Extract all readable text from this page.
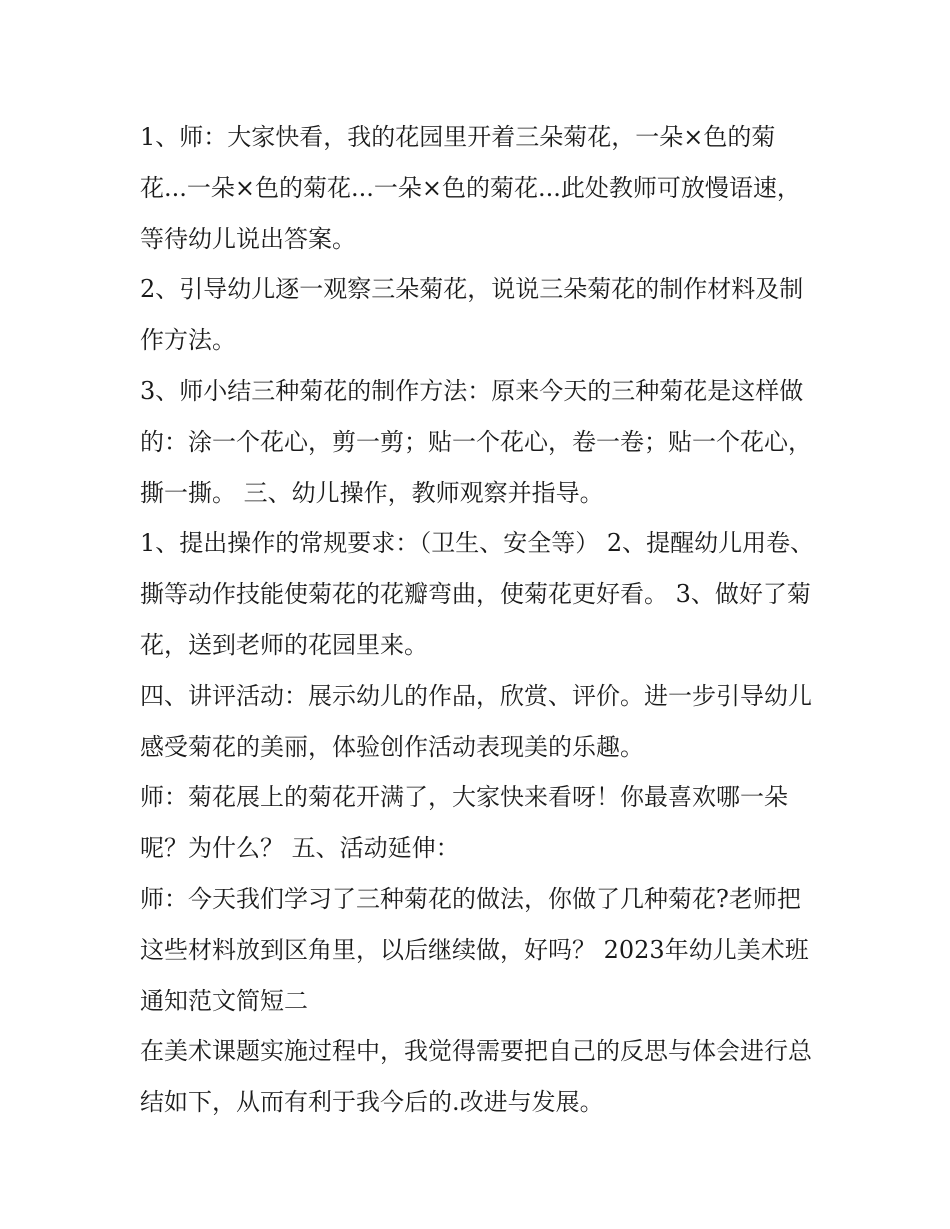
1、师：大家快看，我的花园里开着三朵菊花，一朵×色的菊花...一朵×色的菊花...一朵×色的菊花...此处教师可放慢语速，等待幼儿说出答案。

2、引导幼儿逐一观察三朵菊花，说说三朵菊花的制作材料及制作方法。

3、师小结三种菊花的制作方法：原来今天的三种菊花是这样做的：涂一个花心，剪一剪；贴一个花心，卷一卷；贴一个花心，撕一撕。 三、幼儿操作，教师观察并指导。

1、提出操作的常规要求：（卫生、安全等） 2、提醒幼儿用卷、撕等动作技能使菊花的花瓣弯曲，使菊花更好看。 3、做好了菊花，送到老师的花园里来。

四、讲评活动：展示幼儿的作品，欣赏、评价。进一步引导幼儿感受菊花的美丽，体验创作活动表现美的乐趣。

师：菊花展上的菊花开满了，大家快来看呀！你最喜欢哪一朵呢？为什么？ 五、活动延伸：

师：今天我们学习了三种菊花的做法，你做了几种菊花?老师把这些材料放到区角里，以后继续做，好吗？ 2023年幼儿美术班通知范文简短二

在美术课题实施过程中，我觉得需要把自己的反思与体会进行总结如下，从而有利于我今后的.改进与发展。
